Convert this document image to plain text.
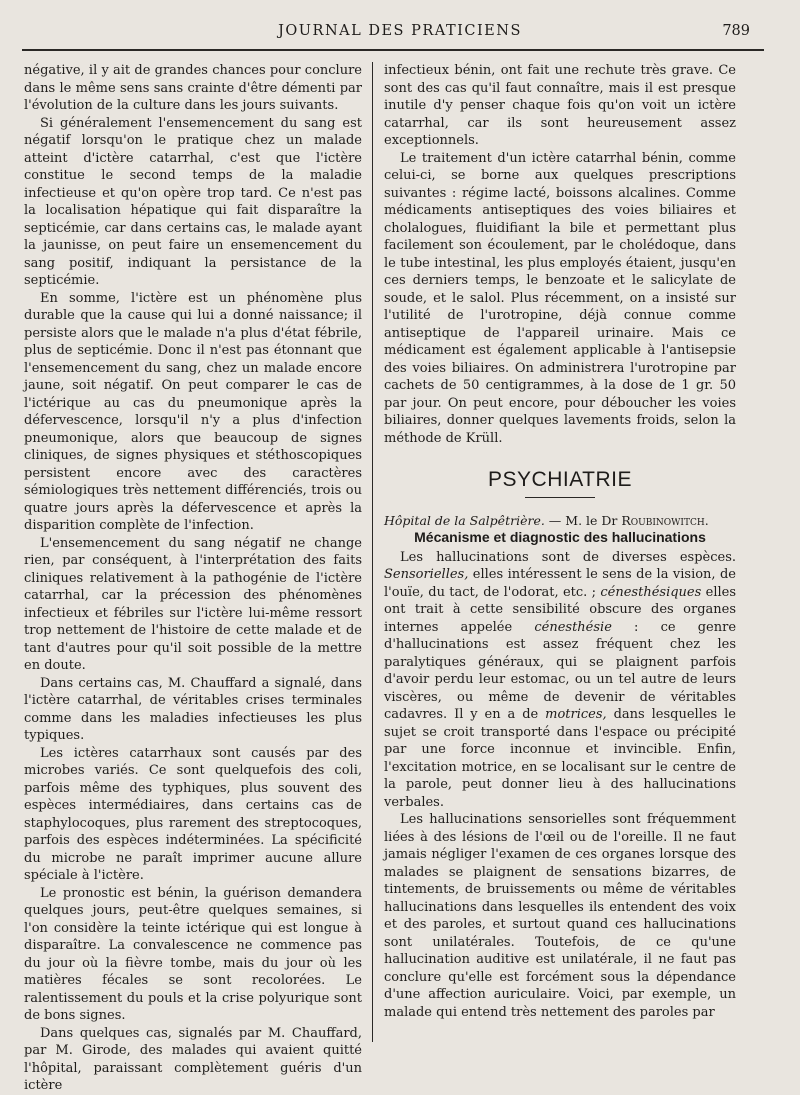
JOURNAL DES PRATICIENS	789

négative, il y ait de grandes chances pour conclure dans le même sens sans crainte d'être démenti par l'évolution de la culture dans les jours suivants.

Si généralement l'ensemencement du sang est négatif lorsqu'on le pratique chez un malade atteint d'ictère catarrhal, c'est que l'ictère constitue le second temps de la maladie infectieuse et qu'on opère trop tard. Ce n'est pas la localisation hépatique qui fait disparaître la septicémie, car dans certains cas, le malade ayant la jaunisse, on peut faire un ensemencement du sang positif, indiquant la persistance de la septicémie.

En somme, l'ictère est un phénomène plus durable que la cause qui lui a donné naissance; il persiste alors que le malade n'a plus d'état fébrile, plus de septicémie. Donc il n'est pas étonnant que l'ensemencement du sang, chez un malade encore jaune, soit négatif. On peut comparer le cas de l'ictérique au cas du pneumonique après la défervescence, lorsqu'il n'y a plus d'infection pneumonique, alors que beaucoup de signes cliniques, de signes physiques et stéthoscopiques persistent encore avec des caractères sémiologiques très nettement différenciés, trois ou quatre jours après la défervescence et après la disparition complète de l'infection.

L'ensemencement du sang négatif ne change rien, par conséquent, à l'interprétation des faits cliniques relativement à la pathogénie de l'ictère catarrhal, car la précession des phénomènes infectieux et fébriles sur l'ictère lui-même ressort trop nettement de l'histoire de cette malade et de tant d'autres pour qu'il soit possible de la mettre en doute.

Dans certains cas, M. Chauffard a signalé, dans l'ictère catarrhal, de véritables crises terminales comme dans les maladies infectieuses les plus typiques.

Les ictères catarrhaux sont causés par des microbes variés. Ce sont quelquefois des coli, parfois même des typhiques, plus souvent des espèces intermédiaires, dans certains cas de staphylocoques, plus rarement des streptocoques, parfois des espèces indéterminées. La spécificité du microbe ne paraît imprimer aucune allure spéciale à l'ictère.

Le pronostic est bénin, la guérison demandera quelques jours, peut-être quelques semaines, si l'on considère la teinte ictérique qui est longue à disparaître. La convalescence ne commence pas du jour où la fièvre tombe, mais du jour où les matières fécales se sont recolorées. Le ralentissement du pouls et la crise polyurique sont de bons signes.

Dans quelques cas, signalés par M. Chauffard, par M. Girode, des malades qui avaient quitté l'hôpital, paraissant complètement guéris d'un ictère

infectieux bénin, ont fait une rechute très grave. Ce sont des cas qu'il faut connaître, mais il est presque inutile d'y penser chaque fois qu'on voit un ictère catarrhal, car ils sont heureusement assez exceptionnels.

Le traitement d'un ictère catarrhal bénin, comme celui-ci, se borne aux quelques prescriptions suivantes : régime lacté, boissons alcalines. Comme médicaments antiseptiques des voies biliaires et cholalogues, fluidifiant la bile et permettant plus facilement son écoulement, par le cholédoque, dans le tube intestinal, les plus employés étaient, jusqu'en ces derniers temps, le benzoate et le salicylate de soude, et le salol. Plus récemment, on a insisté sur l'utilité de l'urotropine, déjà connue comme antiseptique de l'appareil urinaire. Mais ce médicament est également applicable à l'antisepsie des voies biliaires. On administrera l'urotropine par cachets de 50 centigrammes, à la dose de 1 gr. 50 par jour. On peut encore, pour déboucher les voies biliaires, donner quelques lavements froids, selon la méthode de Krüll.

PSYCHIATRIE

Hôpital de la Salpêtrière. — M. le Dr Roubinowitch.

Mécanisme et diagnostic des hallucinations

Les hallucinations sont de diverses espèces. Sensorielles, elles intéressent le sens de la vision, de l'ouïe, du tact, de l'odorat, etc. ; cénesthésiques elles ont trait à cette sensibilité obscure des organes internes appelée cénesthésie : ce genre d'hallucinations est assez fréquent chez les paralytiques généraux, qui se plaignent parfois d'avoir perdu leur estomac, ou un tel autre de leurs viscères, ou même de devenir de véritables cadavres. Il y en a de motrices, dans lesquelles le sujet se croit transporté dans l'espace ou précipité par une force inconnue et invincible. Enfin, l'excitation motrice, en se localisant sur le centre de la parole, peut donner lieu à des hallucinations verbales.

Les hallucinations sensorielles sont fréquemment liées à des lésions de l'œil ou de l'oreille. Il ne faut jamais négliger l'examen de ces organes lorsque des malades se plaignent de sensations bizarres, de tintements, de bruissements ou même de véritables hallucinations dans lesquelles ils entendent des voix et des paroles, et surtout quand ces hallucinations sont unilatérales. Toutefois, de ce qu'une hallucination auditive est unilatérale, il ne faut pas conclure qu'elle est forcément sous la dépendance d'une affection auriculaire. Voici, par exemple, un malade qui entend très nettement des paroles par
